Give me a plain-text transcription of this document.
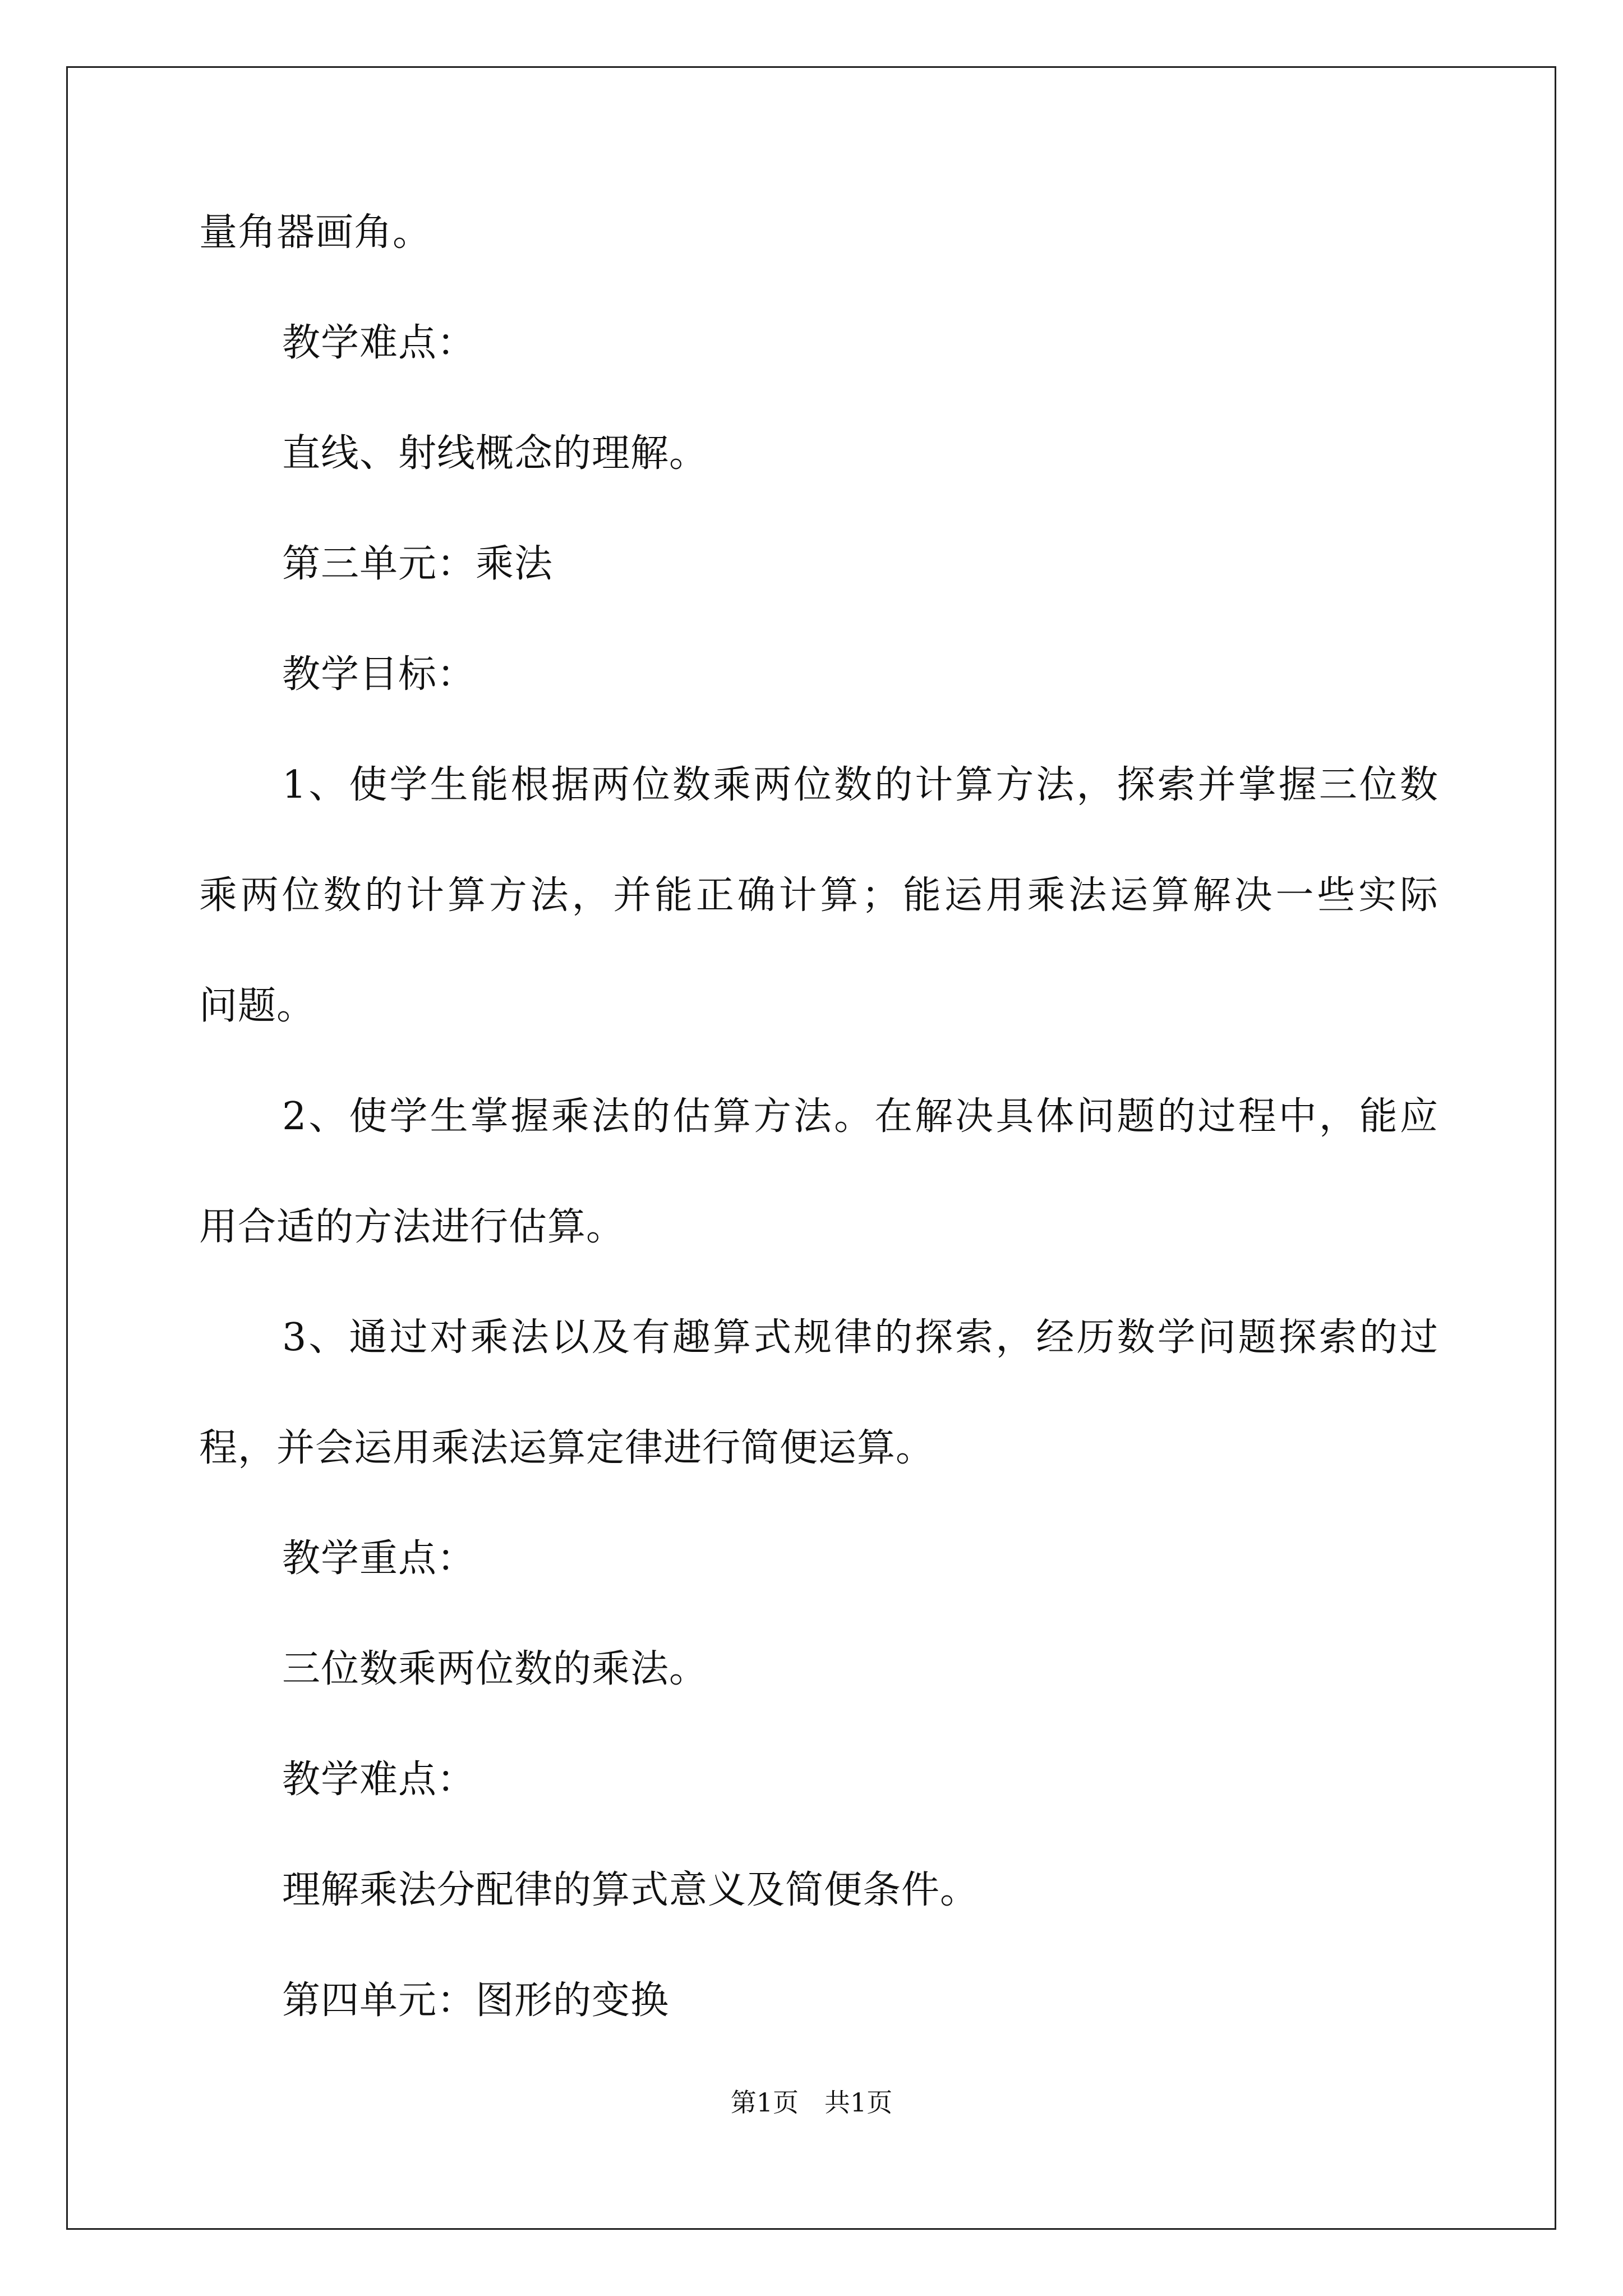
量角器画角。
教学难点：
直线、射线概念的理解。
第三单元：乘法
教学目标：
1、使学生能根据两位数乘两位数的计算方法，探索并掌握三位数
乘两位数的计算方法，并能正确计算；能运用乘法运算解决一些实际
问题。
2、使学生掌握乘法的估算方法。在解决具体问题的过程中，能应
用合适的方法进行估算。
3、通过对乘法以及有趣算式规律的探索，经历数学问题探索的过
程，并会运用乘法运算定律进行简便运算。
教学重点：
三位数乘两位数的乘法。
教学难点：
理解乘法分配律的算式意义及简便条件。
第四单元：图形的变换
第1页　共1页
